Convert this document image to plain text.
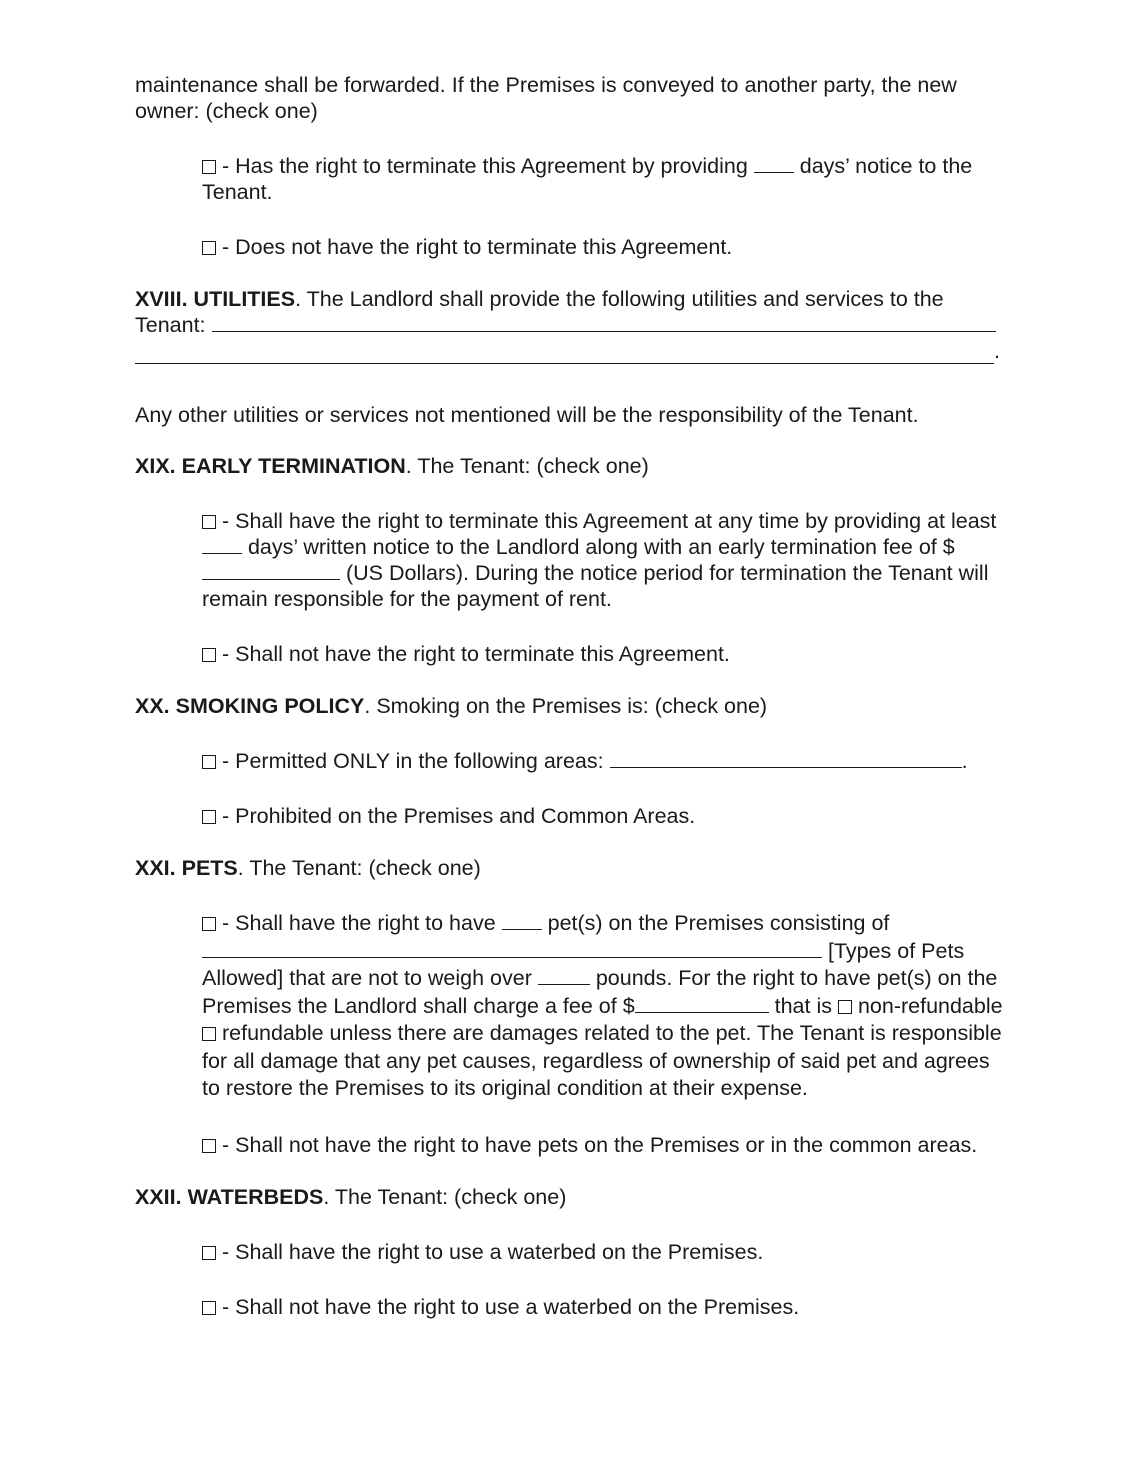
maintenance shall be forwarded. If the Premises is conveyed to another party, the new owner: (check one)

- Has the right to terminate this Agreement by providing  days’ notice to the Tenant.

- Does not have the right to terminate this Agreement.

XVIII. UTILITIES. The Landlord shall provide the following utilities and services to the Tenant:

.

Any other utilities or services not mentioned will be the responsibility of the Tenant.

XIX. EARLY TERMINATION. The Tenant: (check one)

- Shall have the right to terminate this Agreement at any time by providing at least  days’ written notice to the Landlord along with an early termination fee of $ (US Dollars). During the notice period for termination the Tenant will remain responsible for the payment of rent.

- Shall not have the right to terminate this Agreement.

XX. SMOKING POLICY. Smoking on the Premises is: (check one)

- Permitted ONLY in the following areas:	.

- Prohibited on the Premises and Common Areas.

XXI. PETS. The Tenant: (check one)

- Shall have the right to have  pet(s) on the Premises consisting of  [Types of Pets Allowed] that are not to weigh over  pounds. For the right to have pet(s) on the Premises the Landlord shall charge a fee of $	that is  non-refundable  refundable unless there are damages related to the pet. The Tenant is responsible for all damage that any pet causes, regardless of ownership of said pet and agrees to restore the Premises to its original condition at their expense.

- Shall not have the right to have pets on the Premises or in the common areas.

XXII. WATERBEDS. The Tenant: (check one)

- Shall have the right to use a waterbed on the Premises.

- Shall not have the right to use a waterbed on the Premises.
